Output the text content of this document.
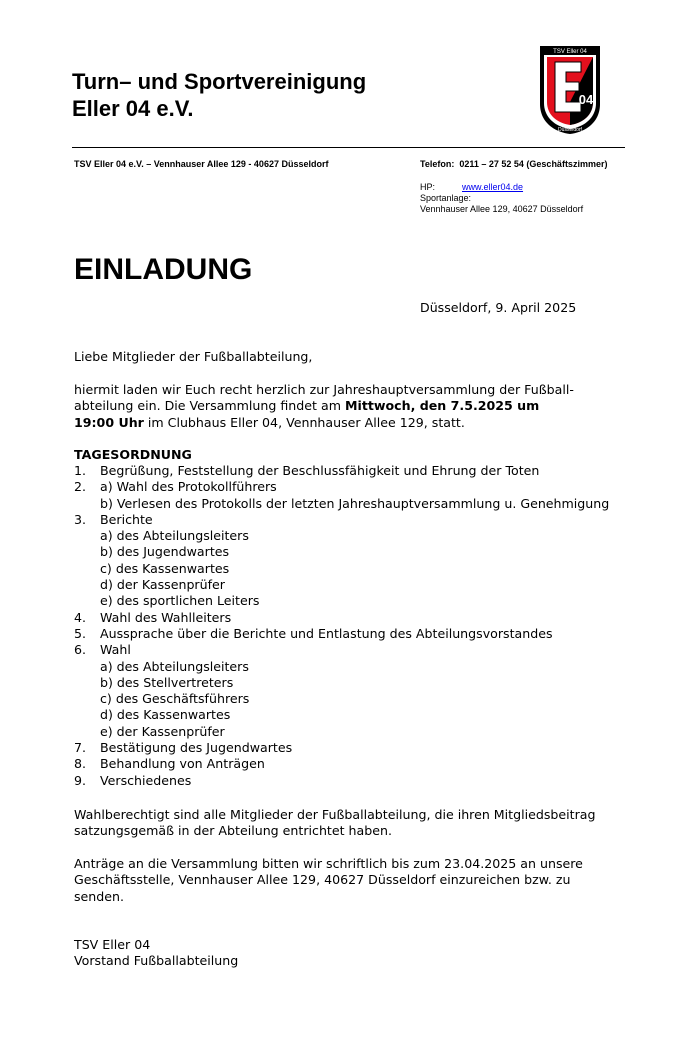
Turn– und Sportvereinigung
Eller 04 e.V.
TSV Eller 04
04
Düsseldorf
TSV Eller 04 e.V. – Vennhauser Allee 129 - 40627 Düsseldorf	Telefon: 0211 – 27 52 54 (Geschäftszimmer)
HP:	www.eller04.de
Sportanlage:
Vennhauser Allee 129, 40627 Düsseldorf
EINLADUNG
Düsseldorf, 9. April 2025
Liebe Mitglieder der Fußballabteilung,
hiermit laden wir Euch recht herzlich zur Jahreshauptversammlung der Fußball-
abteilung ein. Die Versammlung findet am Mittwoch, den 7.5.2025 um
19:00 Uhr im Clubhaus Eller 04, Vennhauser Allee 129, statt.
TAGESORDNUNG
1. Begrüßung, Feststellung der Beschlussfähigkeit und Ehrung der Toten
2. a) Wahl des Protokollführers
b) Verlesen des Protokolls der letzten Jahreshauptversammlung u. Genehmigung
3. Berichte
a) des Abteilungsleiters
b) des Jugendwartes
c) des Kassenwartes
d) der Kassenprüfer
e) des sportlichen Leiters
4. Wahl des Wahlleiters
5. Aussprache über die Berichte und Entlastung des Abteilungsvorstandes
6. Wahl
a) des Abteilungsleiters
b) des Stellvertreters
c) des Geschäftsführers
d) des Kassenwartes
e) der Kassenprüfer
7. Bestätigung des Jugendwartes
8. Behandlung von Anträgen
9. Verschiedenes
Wahlberechtigt sind alle Mitglieder der Fußballabteilung, die ihren Mitgliedsbeitrag
satzungsgemäß in der Abteilung entrichtet haben.
Anträge an die Versammlung bitten wir schriftlich bis zum 23.04.2025 an unsere
Geschäftsstelle, Vennhauser Allee 129, 40627 Düsseldorf einzureichen bzw. zu
senden.
TSV Eller 04
Vorstand Fußballabteilung
